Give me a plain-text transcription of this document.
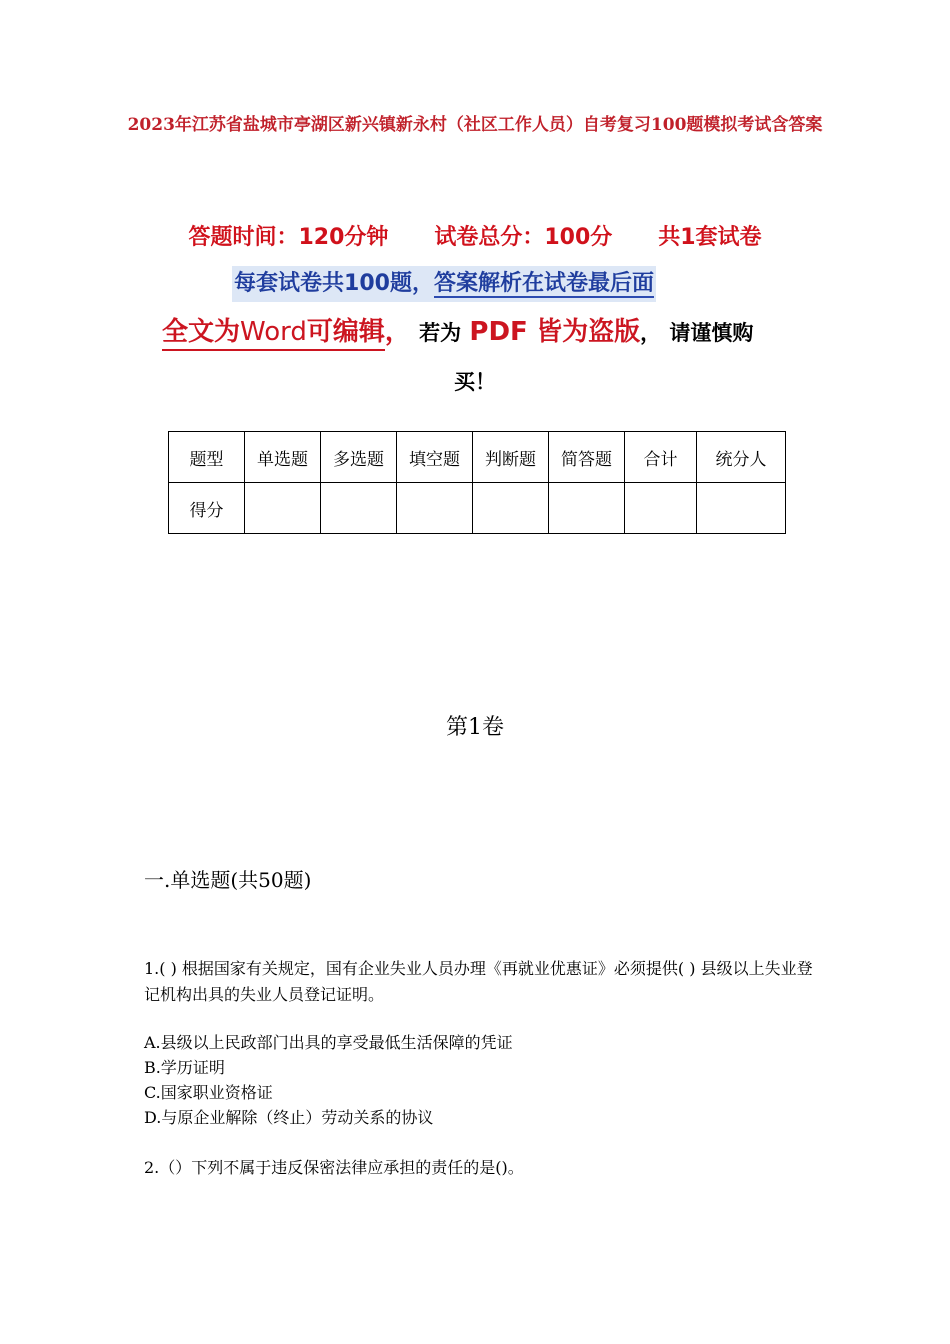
2023年江苏省盐城市亭湖区新兴镇新永村（社区工作人员）自考复习100题模拟考试含答案
答题时间：120分钟      试卷总分：100分      共1套试卷
每套试卷共100题，答案解析在试卷最后面
全文为Word可编辑， 若为 PDF 皆为盗版， 请谨慎购
买！
题型	单选题	多选题	填空题	判断题	简答题	合计	统分人
得分							
第1卷
一.单选题(共50题)
1.( ) 根据国家有关规定，国有企业失业人员办理《再就业优惠证》必须提供( ) 县级以上失业登记机构出具的失业人员登记证明。
A.县级以上民政部门出具的享受最低生活保障的凭证
B.学历证明
C.国家职业资格证
D.与原企业解除（终止）劳动关系的协议
2.（）下列不属于违反保密法律应承担的责任的是()。
